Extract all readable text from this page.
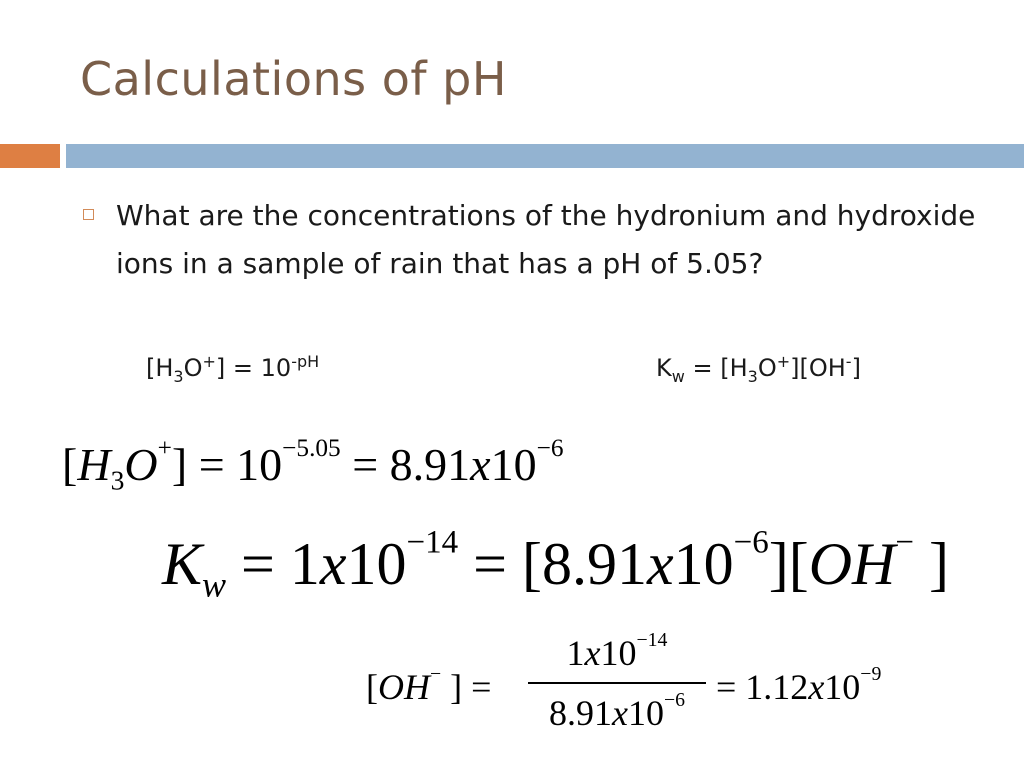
Calculations of pH
What are the concentrations of the hydronium and hydroxide ions in a sample of rain that has a pH of 5.05?
$[H_3O^+] = 10^{-pH}$	$K_w = [H_3O^+][OH^-]$
$[H_3O^+] = 10^{-5.05} = 8.91x10^{-6}$
$K_w = 1x10^{-14} = [8.91x10^{-6}][OH^-$ ]
[OH− ] =
$1x10^{-14}$
$8.91x10^{-6} = 1.12x10^{-9}$
